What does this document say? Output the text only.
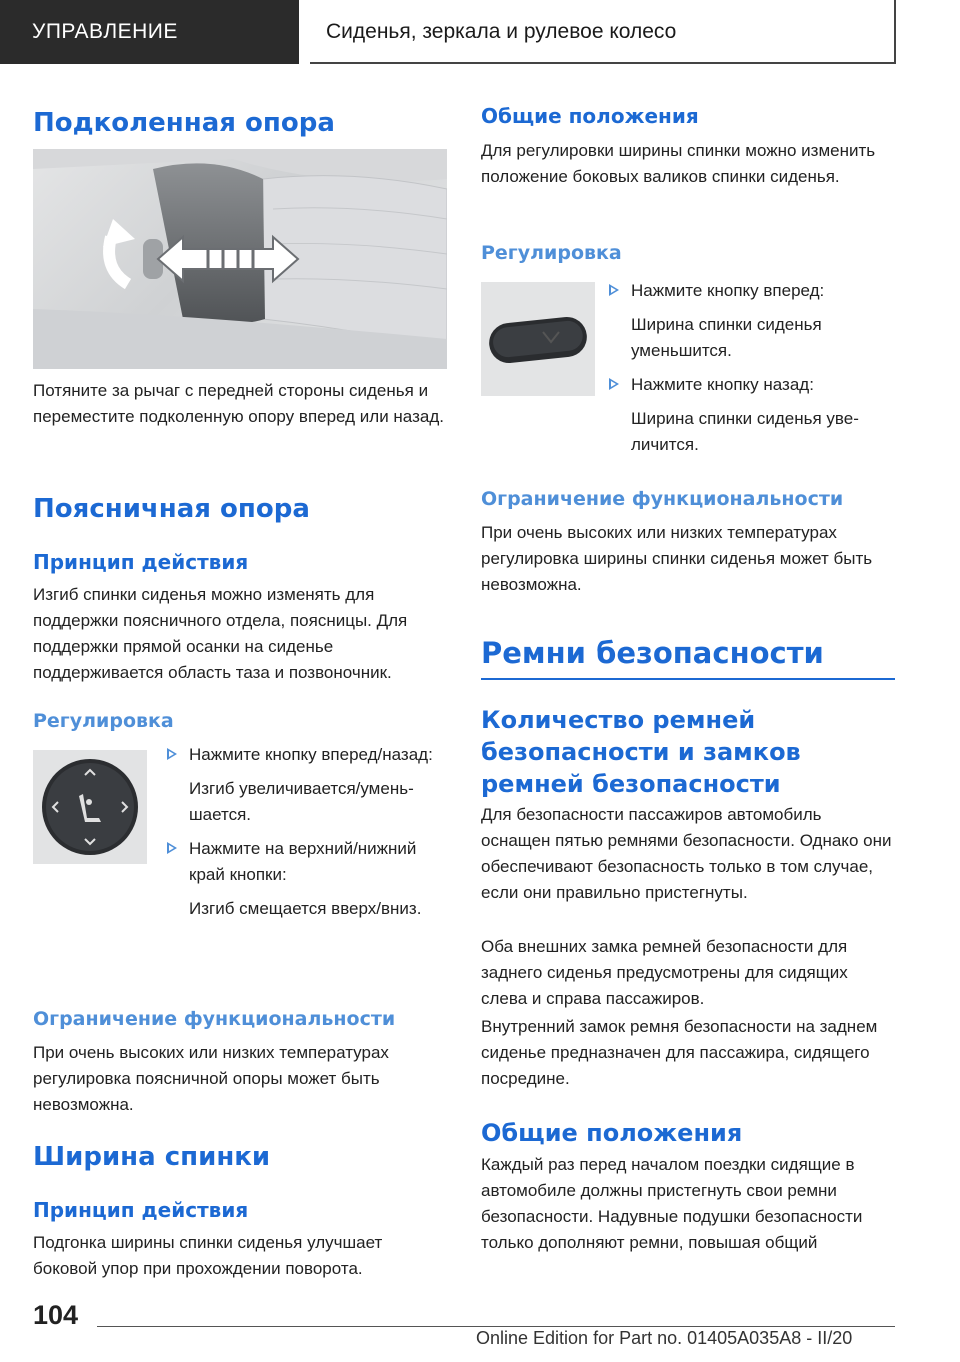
УПРАВЛЕНИЕ	Сиденья, зеркала и рулевое колесо
Подколенная опора
Потяните за рычаг с передней стороны сиденья и переместите подколенную опору вперед или назад.
Поясничная опора
Принцип действия
Изгиб спинки сиденья можно изменять для поддержки поясничного отдела, поясницы. Для поддержки прямой осанки на сиденье поддерживается область таза и позвоночник.
Регулировка
Нажмите кнопку вперед/назад:
Изгиб увеличивается/уменьшается.
Нажмите на верхний/нижний край кнопки:
Изгиб смещается вверх/вниз.
Ограничение функциональности
При очень высоких или низких температурах регулировка поясничной опоры может быть невозможна.
Ширина спинки
Принцип действия
Подгонка ширины спинки сиденья улучшает боковой упор при прохождении поворота.
Общие положения
Для регулировки ширины спинки можно изменить положение боковых валиков спинки сиденья.
Регулировка
Нажмите кнопку вперед:
Ширина спинки сиденья уменьшится.
Нажмите кнопку назад:
Ширина спинки сиденья увеличится.
Ограничение функциональности
При очень высоких или низких температурах регулировка ширины спинки сиденья может быть невозможна.
Ремни безопасности
Количество ремней безопасности и замков ремней безопасности
Для безопасности пассажиров автомобиль оснащен пятью ремнями безопасности. Однако они обеспечивают безопасность только в том случае, если они правильно пристегнуты.
Оба внешних замка ремней безопасности для заднего сиденья предусмотрены для сидящих слева и справа пассажиров.
Внутренний замок ремня безопасности на заднем сиденье предназначен для пассажира, сидящего посредине.
Общие положения
Каждый раз перед началом поездки сидящие в автомобиле должны пристегнуть свои ремни безопасности. Надувные подушки безопасности только дополняют ремни, повышая общий
104
Online Edition for Part no. 01405A035A8 - II/20
